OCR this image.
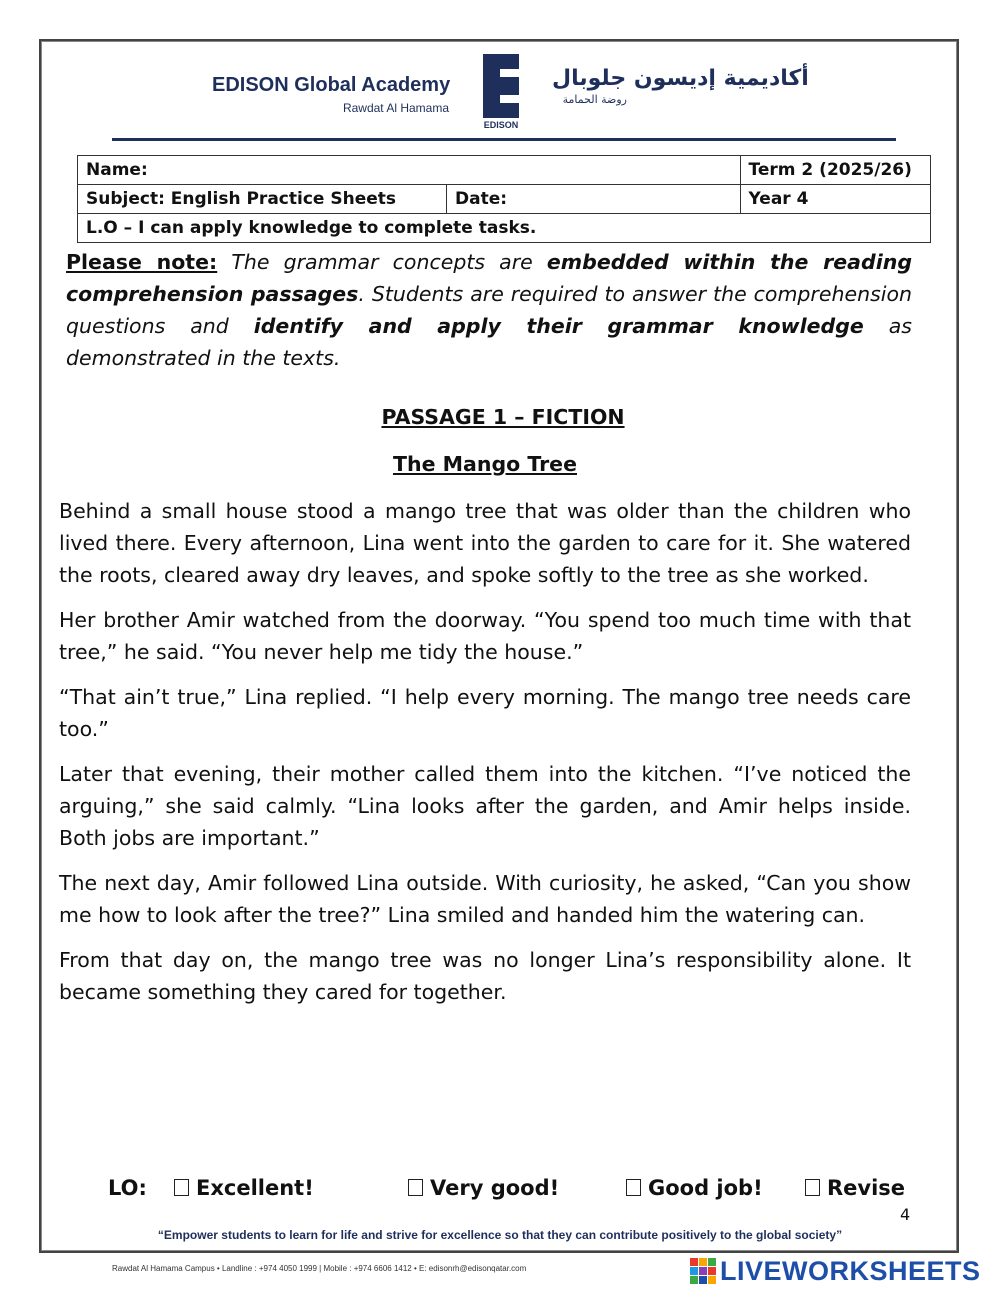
EDISON Global Academy
Rawdat Al Hamama
EDISON
أكاديمية إديسون جلوبال
روضة الحمامة
Name:		Term 2 (2025/26)
Subject: English Practice Sheets	Date:	Year 4
L.O – I can apply knowledge to complete tasks.		
Please note: The grammar concepts are embedded within the reading comprehension passages. Students are required to answer the comprehension questions and identify and apply their grammar knowledge as demonstrated in the texts.
PASSAGE 1 – FICTION
The Mango Tree

Behind a small house stood a mango tree that was older than the children who lived there. Every afternoon, Lina went into the garden to care for it. She watered the roots, cleared away dry leaves, and spoke softly to the tree as she worked.

Her brother Amir watched from the doorway. “You spend too much time with that tree,” he said. “You never help me tidy the house.”

“That ain’t true,” Lina replied. “I help every morning. The mango tree needs care too.”

Later that evening, their mother called them into the kitchen. “I’ve noticed the arguing,” she said calmly. “Lina looks after the garden, and Amir helps inside. Both jobs are important.”

The next day, Amir followed Lina outside. With curiosity, he asked, “Can you show me how to look after the tree?” Lina smiled and handed him the watering can.

From that day on, the mango tree was no longer Lina’s responsibility alone. It became something they cared for together.

LO:	Excellent!	Very good!	Good job!	Revise
4
“Empower students to learn for life and strive for excellence so that they can contribute positively to the global society”
Rawdat Al Hamama Campus • Landline : +974 4050 1999 | Mobile : +974 6606 1412 • E: edisonrh@edisonqatar.com	LIVEWORKSHEETS
